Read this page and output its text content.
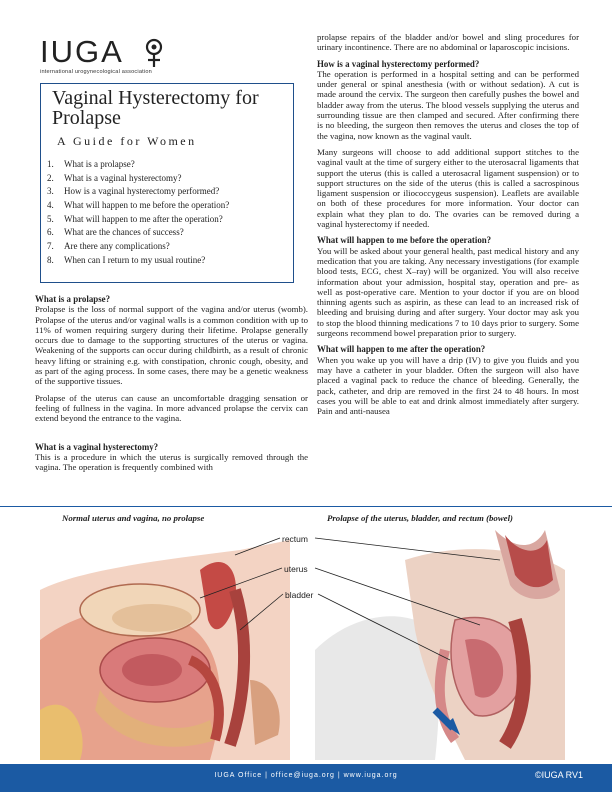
IUGA
international urogynecological association
Vaginal Hysterectomy for Prolapse
A Guide for Women
1.	What is a prolapse?
2.	What is a vaginal hysterectomy?
3.	How is a vaginal hysterectomy performed?
4.	What will happen to me before the operation?
5.	What will happen to me after the operation?
6.	What are the chances of success?
7.	Are there any complications?
8.	When can I return to my usual routine?
What is a prolapse?

Prolapse is the loss of normal support of the vagina and/or uterus (womb). Prolapse of the uterus and/or vaginal walls is a common condition with up to 11% of women requiring surgery during their lifetime. Prolapse generally occurs due to damage to the supporting structures of the uterus or vagina. Weakening of the supports can occur during childbirth, as a result of chronic heavy lifting or straining e.g. with constipation, chronic cough, obesity, and as part of the aging process. In some cases, there may be a genetic weakness of the supportive tissues.

Prolapse of the uterus can cause an uncomfortable dragging sensation or feeling of fullness in the vagina. In more advanced prolapse the cervix can extend beyond the entrance to the vagina.

What is a vaginal hysterectomy?

This is a procedure in which the uterus is surgically removed through the vagina. The operation is frequently combined with

prolapse repairs of the bladder and/or bowel and sling procedures for urinary incontinence. There are no abdominal or laparoscopic incisions.

How is a vaginal hysterectomy performed?

The operation is performed in a hospital setting and can be performed under general or spinal anesthesia (with or without sedation). A cut is made around the cervix. The surgeon then carefully pushes the bowel and bladder away from the uterus. The blood vessels supplying the uterus and surrounding tissue are then clamped and secured. After confirming there is no bleeding, the surgeon then removes the uterus and closes the top of the vagina, now known as the vaginal vault.

Many surgeons will choose to add additional support stitches to the vaginal vault at the time of surgery either to the uterosacral ligaments that support the uterus (this is called a uterosacral ligament suspension) or to support structures on the side of the uterus (this is called a sacrospinous ligament suspension or iliococcygeus suspension). Leaflets are available on both of these procedures for more information. Your doctor can explain what they plan to do. The ovaries can be removed during a vaginal hysterectomy if needed.

What will happen to me before the operation?

You will be asked about your general health, past medical history and any medication that you are taking. Any necessary investigations (for example blood tests, ECG, chest X–ray) will be organized. You will also receive information about your admission, hospital stay, operation and pre- as well as post-operative care. Mention to your doctor if you are on blood thinning agents such as aspirin, as these can lead to an increased risk of bleeding and bruising during and after surgery. Your doctor may ask you to stop the blood thinning medications 7 to 10 days prior to surgery. Some surgeons recommend bowel preparation prior to surgery.

What will happen to me after the operation?

When you wake up you will have a drip (IV) to give you fluids and you may have a catheter in your bladder. Often the surgeon will also have placed a vaginal pack to reduce the chance of bleeding. Generally, the pack, catheter, and drip are removed in the first 24 to 48 hours. In most cases you will be able to eat and drink almost immediately after surgery. Pain and anti-nausea

Normal uterus and vagina, no prolapse	Prolapse of the uterus, bladder, and rectum (bowel)
rectum
uterus
bladder
IUGA Office | office@iuga.org | www.iuga.org	©IUGA RV1
